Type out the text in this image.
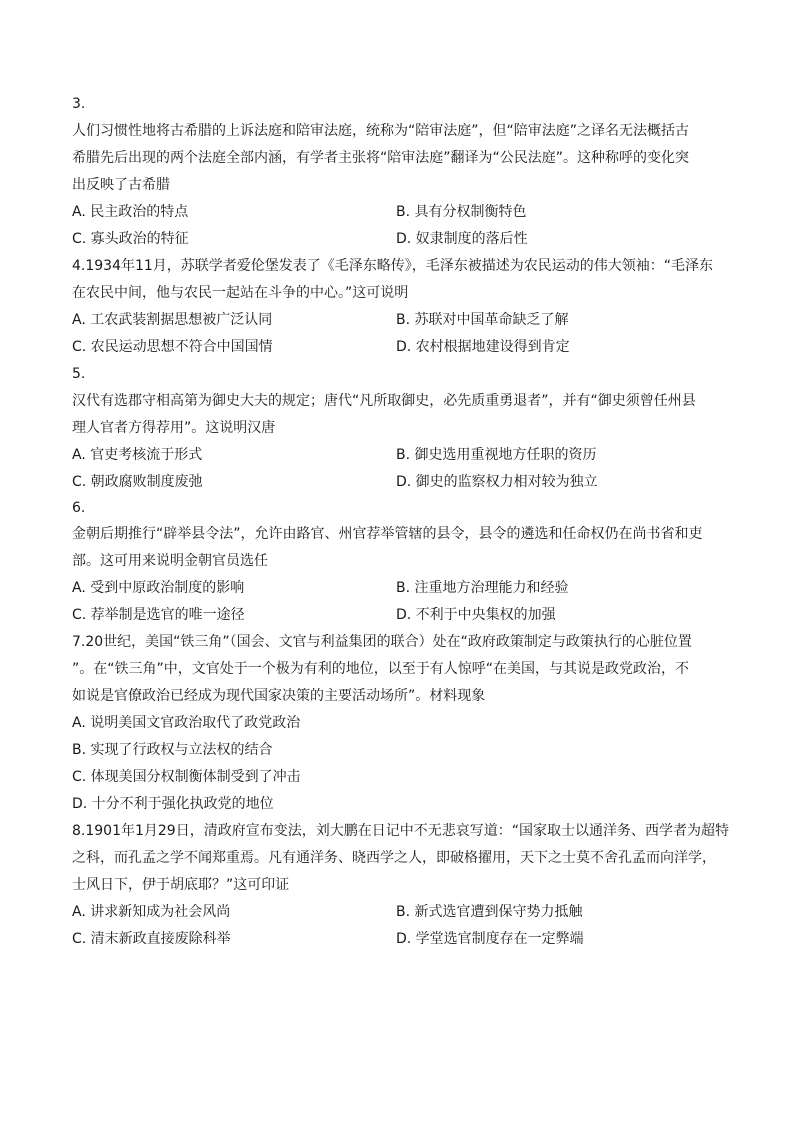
3.
人们习惯性地将古希腊的上诉法庭和陪审法庭，统称为“陪审法庭”，但“陪审法庭”之译名无法概括古
希腊先后出现的两个法庭全部内涵，有学者主张将“陪审法庭”翻译为“公民法庭”。这种称呼的变化突
出反映了古希腊
A. 民主政治的特点	B. 具有分权制衡特色
C. 寡头政治的特征	D. 奴隶制度的落后性
4.1934年11月，苏联学者爱伦堡发表了《毛泽东略传》，毛泽东被描述为农民运动的伟大领袖：“毛泽东
在农民中间，他与农民一起站在斗争的中心。”这可说明
A. 工农武装割据思想被广泛认同	B. 苏联对中国革命缺乏了解
C. 农民运动思想不符合中国国情	D. 农村根据地建设得到肯定
5.
汉代有选郡守相高第为御史大夫的规定；唐代“凡所取御史，必先质重勇退者”，并有“御史须曾任州县
理人官者方得荐用”。这说明汉唐
A. 官吏考核流于形式	B. 御史选用重视地方任职的资历
C. 朝政腐败制度废弛	D. 御史的监察权力相对较为独立
6.
金朝后期推行“辟举县令法”，允许由路官、州官荐举管辖的县令，县令的遴选和任命权仍在尚书省和吏
部。这可用来说明金朝官员选任
A. 受到中原政治制度的影响	B. 注重地方治理能力和经验
C. 荐举制是选官的唯一途径	D. 不利于中央集权的加强
7.20世纪，美国“铁三角”（国会、文官与利益集团的联合）处在“政府政策制定与政策执行的心脏位置
”。在“铁三角”中，文官处于一个极为有利的地位，以至于有人惊呼“在美国，与其说是政党政治，不
如说是官僚政治已经成为现代国家决策的主要活动场所”。材料现象
A. 说明美国文官政治取代了政党政治
B. 实现了行政权与立法权的结合
C. 体现美国分权制衡体制受到了冲击
D. 十分不利于强化执政党的地位
8.1901年1月29日，清政府宣布变法，刘大鹏在日记中不无悲哀写道：“国家取士以通洋务、西学者为超特
之科，而孔孟之学不闻郑重焉。凡有通洋务、晓西学之人，即破格擢用，天下之士莫不舍孔孟而向洋学，
士风日下，伊于胡底耶？”这可印证
A. 讲求新知成为社会风尚	B. 新式选官遭到保守势力抵触
C. 清末新政直接废除科举	D. 学堂选官制度存在一定弊端
